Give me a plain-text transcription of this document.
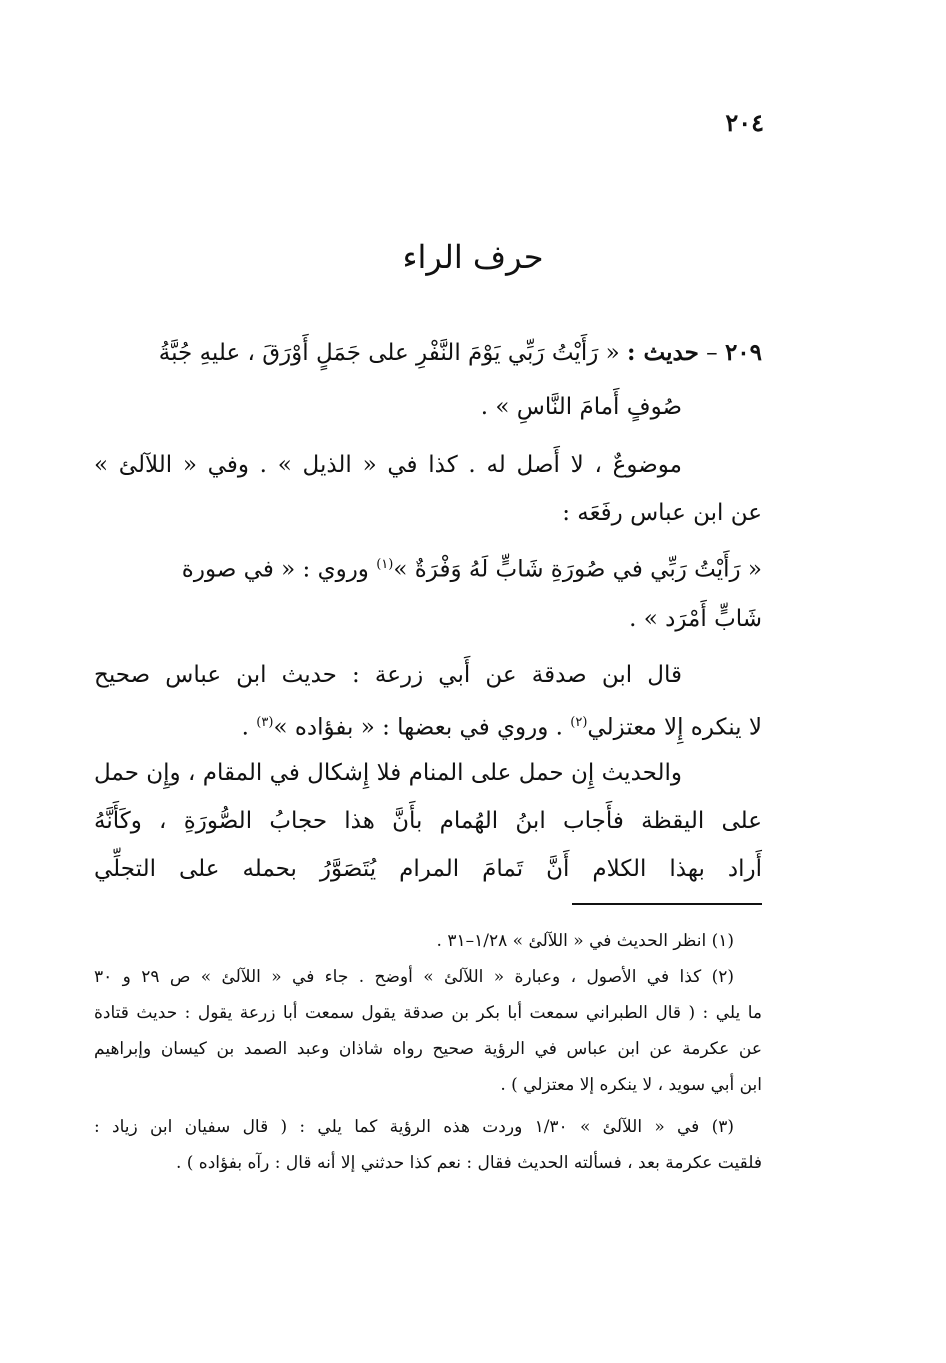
٢٠٤
حرف الراء
٢٠٩ – حديث : « رَأَيْتُ رَبِّي يَوْمَ النَّفْرِ على جَمَلٍ أَوْرَقَ ، عليهِ جُبَّةُ
صُوفٍ أَمامَ النَّاسِ » .
موضوعٌ ، لا أَصل له . كذا في « الذيل » . وفي « اللآلئ »
عن ابن عباس رفَعَه :
« رَأَيْتُ رَبِّي في صُورَةِ شَابٍّ لَهُ وَفْرَةٌ »$^{(١)}$ وروي : « في صورة
شَابٍّ أَمْرَد » .
قال ابن صدقة عن أَبي زرعة : حديث ابن عباس صحيح
لا ينكره إِلا معتزلي$^{(٢)}$ . وروي في بعضها : « بفؤاده »$^{(٣)}$ .
والحديث إِن حمل على المنام فلا إِشكال في المقام ، وإِن حمل
على اليقظة فأَجاب ابنُ الهُمام بأَنَّ هذا حجابُ الصُّورَةِ ، وكَأَنَّهُ
أَراد بهذا الكلام أَنَّ تَمامَ المرام يُتَصَوَّرُ بحمله على التجلِّي
(١) انظر الحديث في « اللآلئ » ١/٢٨–٣١ .
(٢) كذا في الأصول ، وعبارة « اللآلئ » أوضح . جاء في « اللآلئ » ص ٢٩ و ٣٠
ما يلي : ( قال الطبراني سمعت أبا بكر بن صدقة يقول سمعت أبا زرعة يقول : حديث قتادة
عن عكرمة عن ابن عباس في الرؤية صحيح رواه شاذان وعبد الصمد بن كيسان وإبراهيم
ابن أبي سويد ، لا ينكره إلا معتزلي ) .
(٣) في « اللآلئ » ١/٣٠ وردت هذه الرؤية كما يلي : ( قال سفيان ابن زياد :
فلقيت عكرمة بعد ، فسألته الحديث فقال : نعم كذا حدثني إلا أنه قال : رآه بفؤاده ) .
